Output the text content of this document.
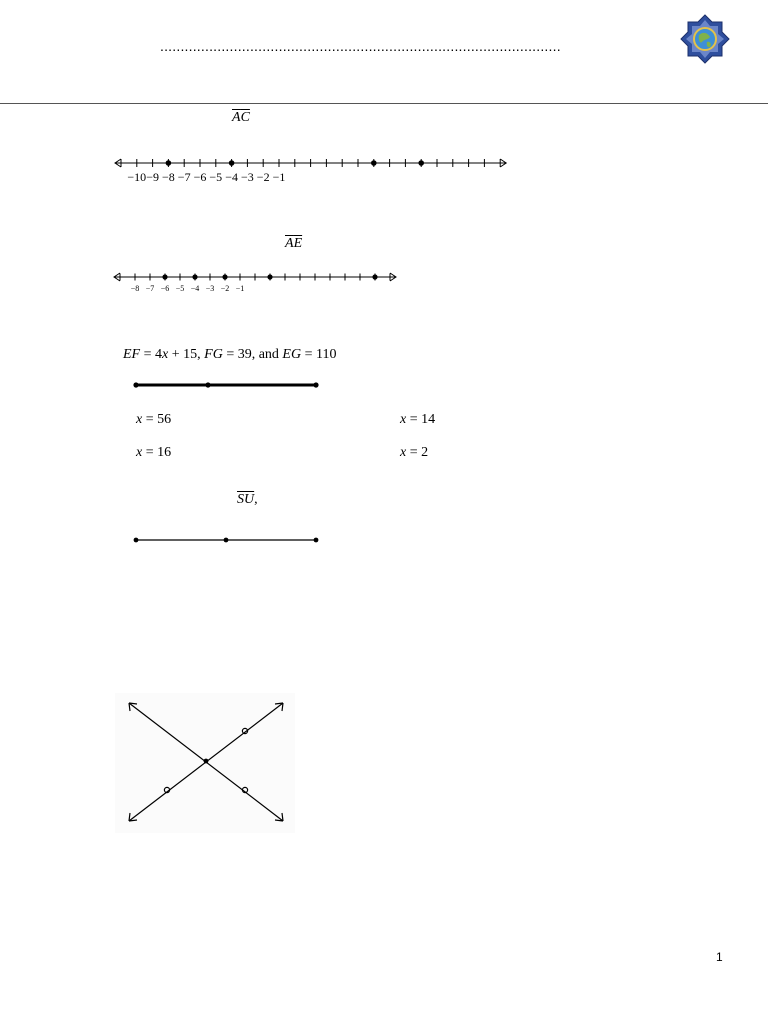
..................................................................................................
AC
−10 −9 −8 −7 −6 −5 −4 −3 −2 −1
AE
−8 −7 −6 −5 −4 −3 −2 −1
EF = 4x + 15, FG = 39, and EG = 110
x = 56	x = 14
x = 16	x = 2
SU,
1
